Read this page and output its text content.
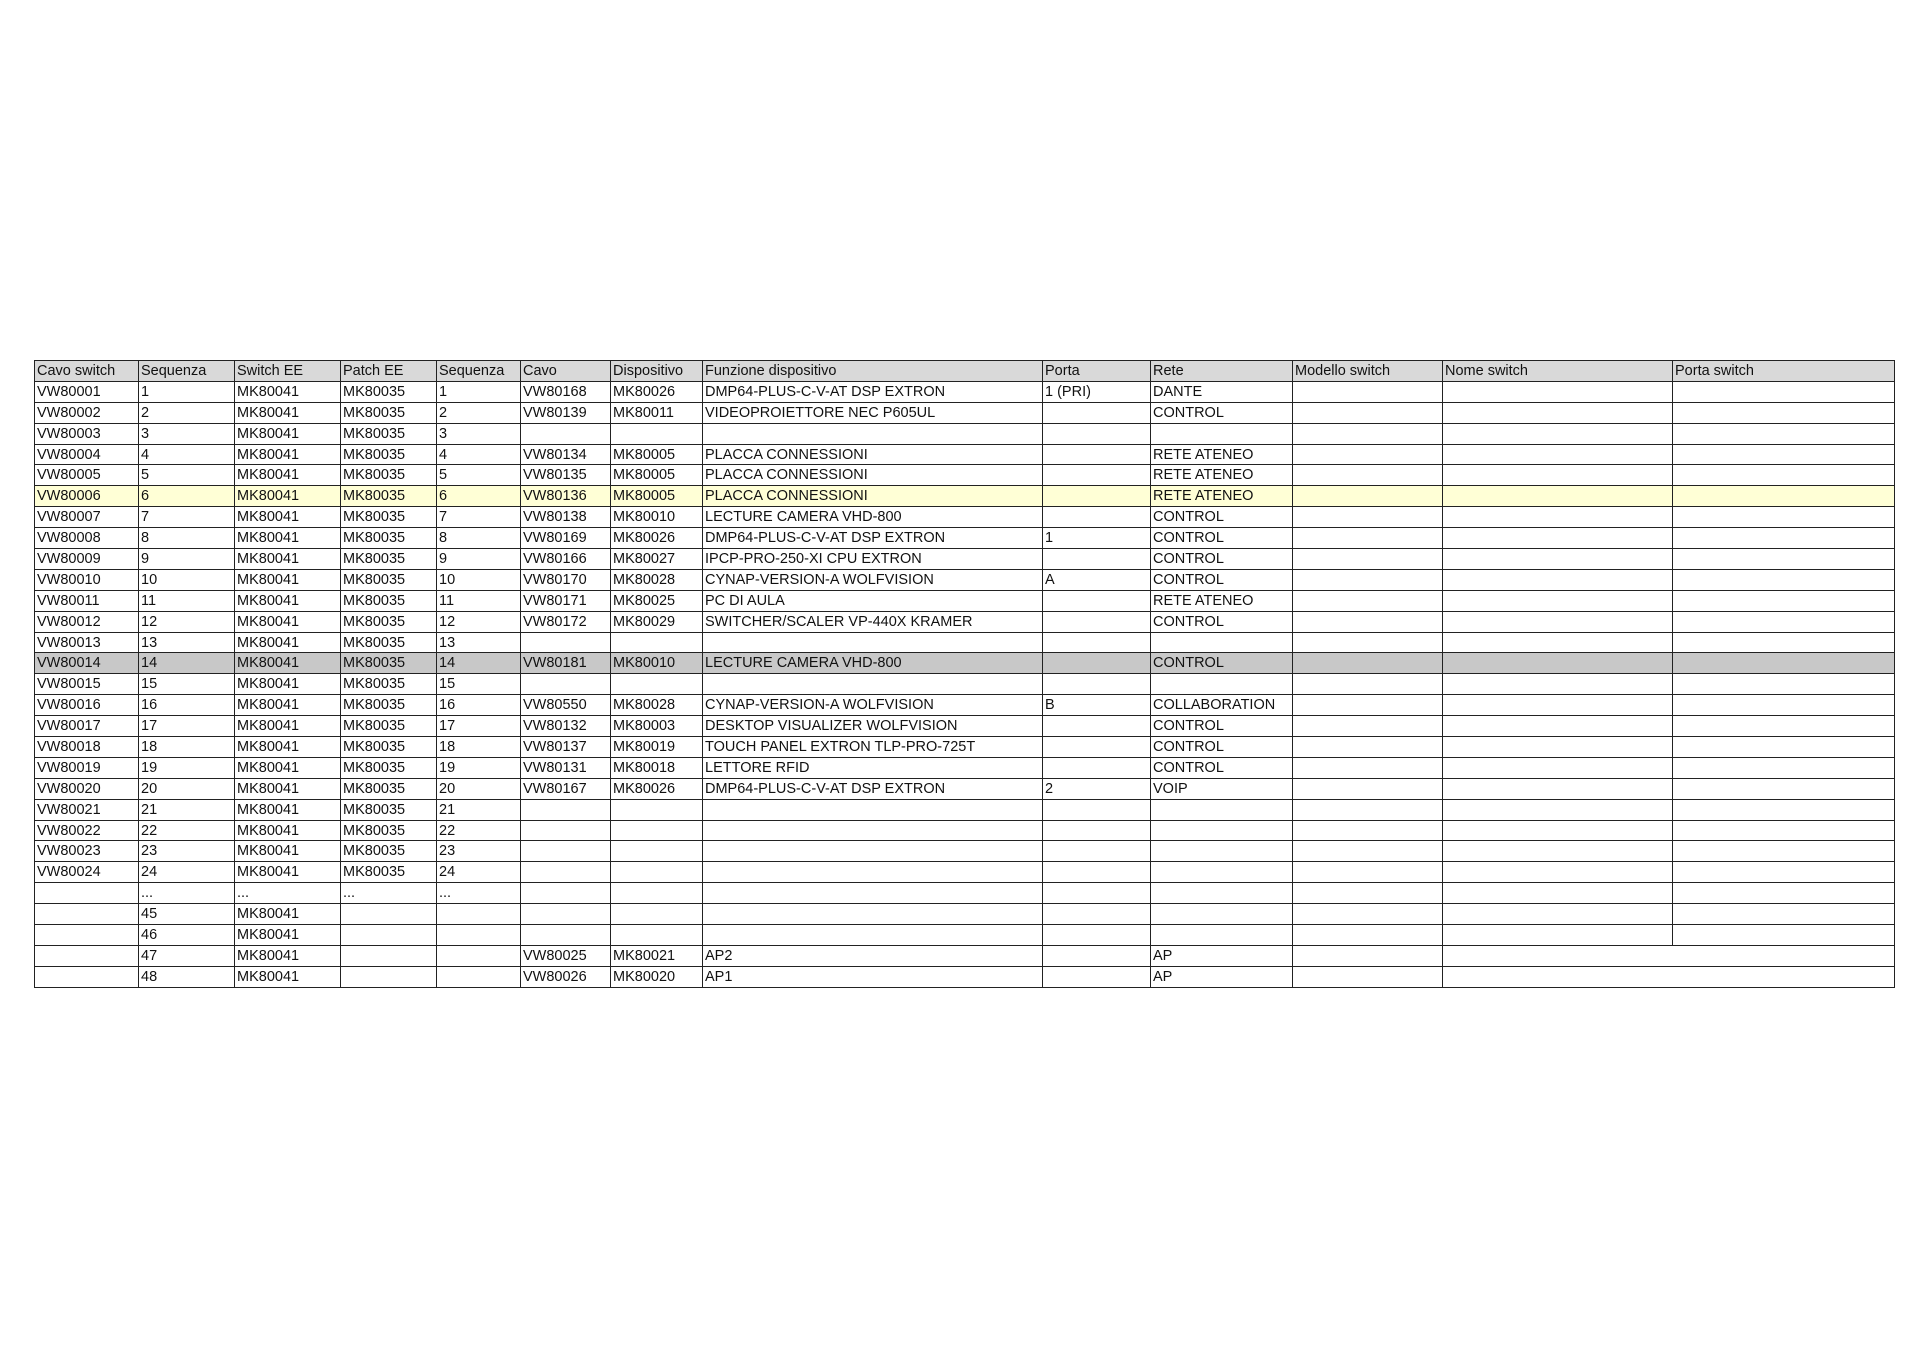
Cavo switch	Sequenza	Switch EE	Patch EE	Sequenza	Cavo	Dispositivo	Funzione dispositivo	Porta	Rete	Modello switch	Nome switch	Porta switch
VW80001	1	MK80041	MK80035	1	VW80168	MK80026	DMP64-PLUS-C-V-AT DSP EXTRON	1 (PRI)	DANTE			
VW80002	2	MK80041	MK80035	2	VW80139	MK80011	VIDEOPROIETTORE NEC P605UL		CONTROL			
VW80003	3	MK80041	MK80035	3								
VW80004	4	MK80041	MK80035	4	VW80134	MK80005	PLACCA CONNESSIONI		RETE ATENEO			
VW80005	5	MK80041	MK80035	5	VW80135	MK80005	PLACCA CONNESSIONI		RETE ATENEO			
VW80006	6	MK80041	MK80035	6	VW80136	MK80005	PLACCA CONNESSIONI		RETE ATENEO			
VW80007	7	MK80041	MK80035	7	VW80138	MK80010	LECTURE CAMERA VHD-800		CONTROL			
VW80008	8	MK80041	MK80035	8	VW80169	MK80026	DMP64-PLUS-C-V-AT DSP EXTRON	1	CONTROL			
VW80009	9	MK80041	MK80035	9	VW80166	MK80027	IPCP-PRO-250-XI CPU EXTRON		CONTROL			
VW80010	10	MK80041	MK80035	10	VW80170	MK80028	CYNAP-VERSION-A WOLFVISION	A	CONTROL			
VW80011	11	MK80041	MK80035	11	VW80171	MK80025	PC DI AULA		RETE ATENEO			
VW80012	12	MK80041	MK80035	12	VW80172	MK80029	SWITCHER/SCALER VP-440X KRAMER		CONTROL			
VW80013	13	MK80041	MK80035	13								
VW80014	14	MK80041	MK80035	14	VW80181	MK80010	LECTURE CAMERA VHD-800		CONTROL			
VW80015	15	MK80041	MK80035	15								
VW80016	16	MK80041	MK80035	16	VW80550	MK80028	CYNAP-VERSION-A WOLFVISION	B	COLLABORATION			
VW80017	17	MK80041	MK80035	17	VW80132	MK80003	DESKTOP VISUALIZER WOLFVISION		CONTROL			
VW80018	18	MK80041	MK80035	18	VW80137	MK80019	TOUCH PANEL EXTRON TLP-PRO-725T		CONTROL			
VW80019	19	MK80041	MK80035	19	VW80131	MK80018	LETTORE RFID		CONTROL			
VW80020	20	MK80041	MK80035	20	VW80167	MK80026	DMP64-PLUS-C-V-AT DSP EXTRON	2	VOIP			
VW80021	21	MK80041	MK80035	21								
VW80022	22	MK80041	MK80035	22								
VW80023	23	MK80041	MK80035	23								
VW80024	24	MK80041	MK80035	24								
	...	...	...	...								
	45	MK80041										
	46	MK80041										
	47	MK80041			VW80025	MK80021	AP2		AP			
	48	MK80041			VW80026	MK80020	AP1		AP			
